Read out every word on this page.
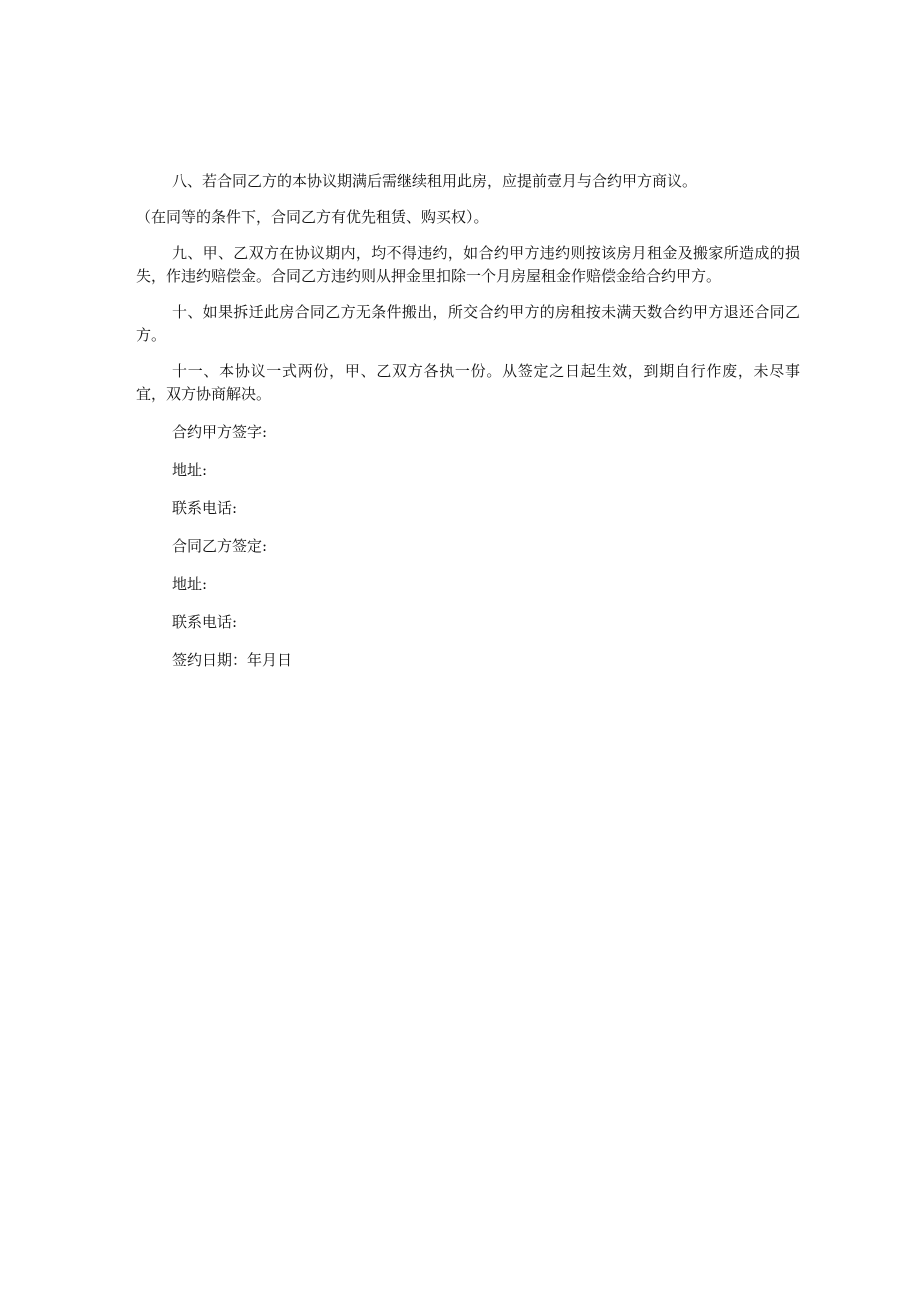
八、若合同乙方的本协议期满后需继续租用此房，应提前壹月与合约甲方商议。

（在同等的条件下，合同乙方有优先租赁、购买权）。

九、甲、乙双方在协议期内，均不得违约，如合约甲方违约则按该房月租金及搬家所造成的损失，作违约赔偿金。合同乙方违约则从押金里扣除一个月房屋租金作赔偿金给合约甲方。

十、如果拆迁此房合同乙方无条件搬出，所交合约甲方的房租按未满天数合约甲方退还合同乙方。

十一、本协议一式两份，甲、乙双方各执一份。从签定之日起生效，到期自行作废，未尽事宜，双方协商解决。

合约甲方签字:

地址:

联系电话:

合同乙方签定:

地址:

联系电话:

签约日期：年月日
